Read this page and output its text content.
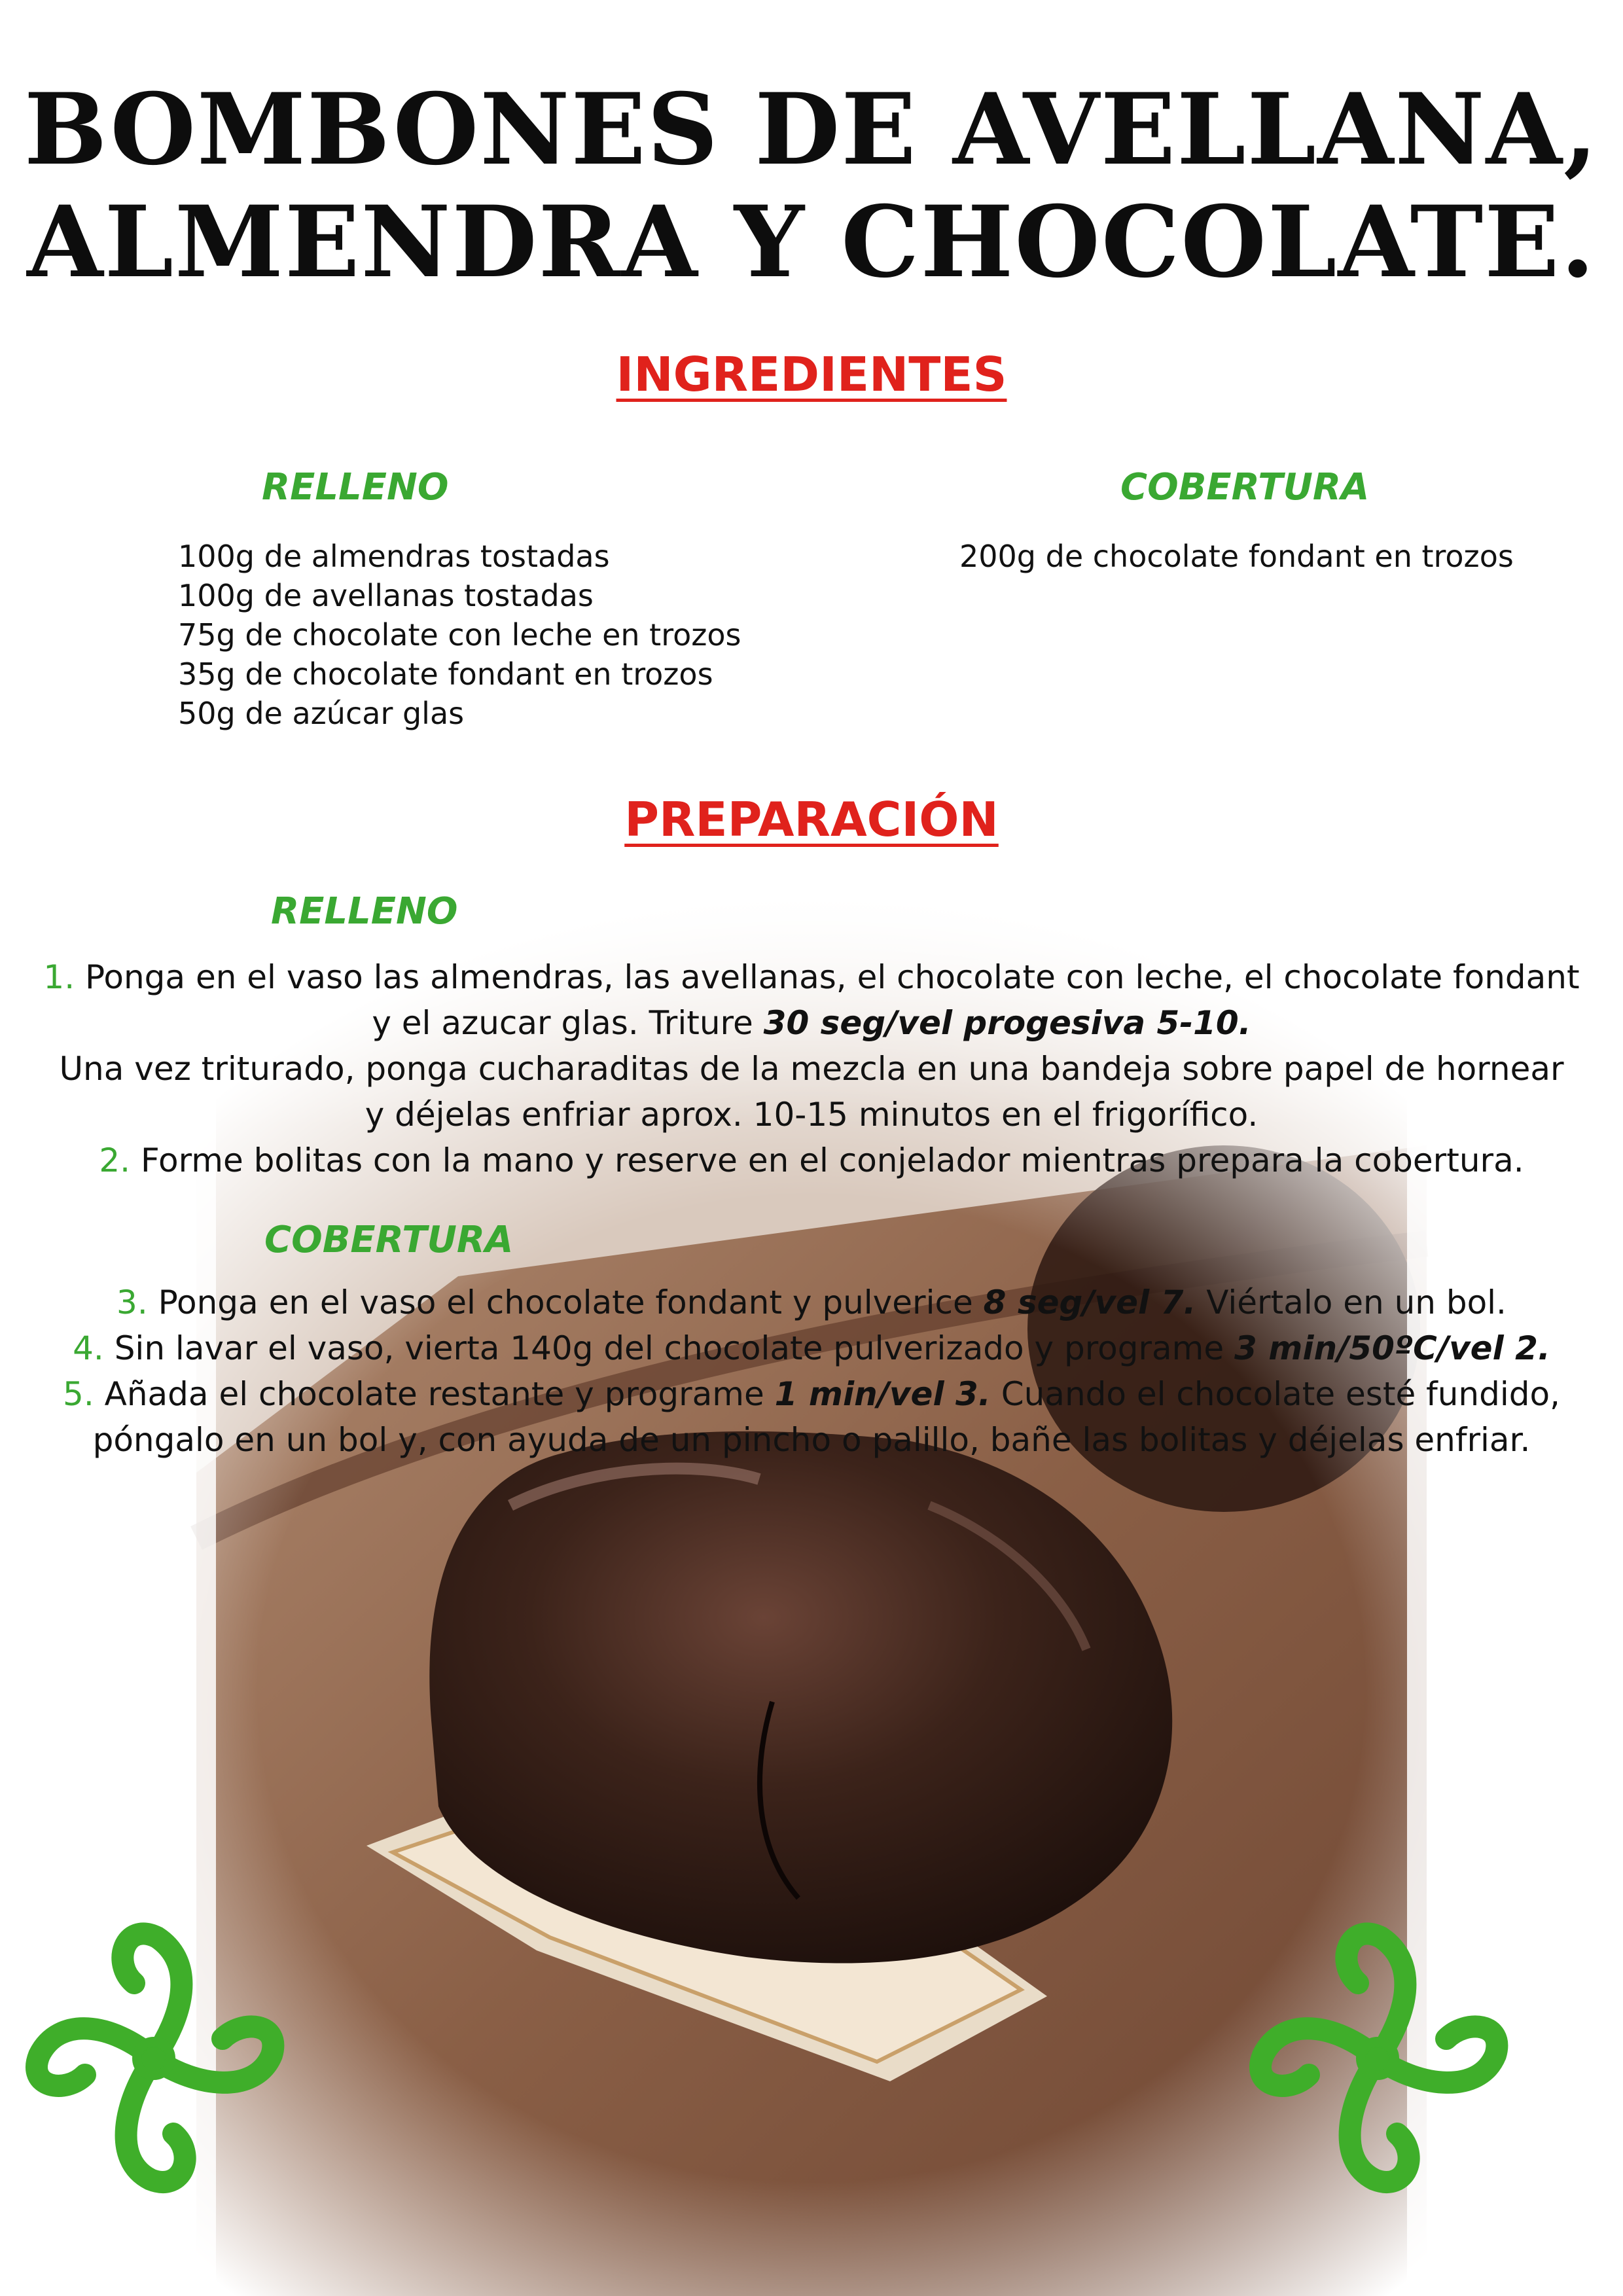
BOMBONES DE AVELLANA,
ALMENDRA Y CHOCOLATE.
INGREDIENTES
RELLENO	COBERTURA
100g de almendras tostadas
100g de avellanas tostadas
75g de chocolate con leche en trozos
35g de chocolate fondant en trozos
50g de azúcar glas
200g de chocolate fondant en trozos
PREPARACIÓN
RELLENO

1. Ponga en el vaso las almendras, las avellanas, el chocolate con leche, el chocolate fondant

y el azucar glas. Triture 30 seg/vel progesiva 5-10.

Una vez triturado, ponga cucharaditas de la mezcla en una bandeja sobre papel de hornear

y déjelas enfriar aprox. 10-15 minutos en el frigorífico.

2. Forme bolitas con la mano y reserve en el conjelador mientras prepara la cobertura.

COBERTURA

3. Ponga en el vaso el chocolate fondant y pulverice 8 seg/vel 7. Viértalo en un bol.

4. Sin lavar el vaso, vierta 140g del chocolate pulverizado y programe 3 min/50ºC/vel 2.

5. Añada el chocolate restante y programe 1 min/vel 3. Cuando el chocolate esté fundido,

póngalo en un bol y, con ayuda de un pincho o palillo, bañe las bolitas y déjelas enfriar.
